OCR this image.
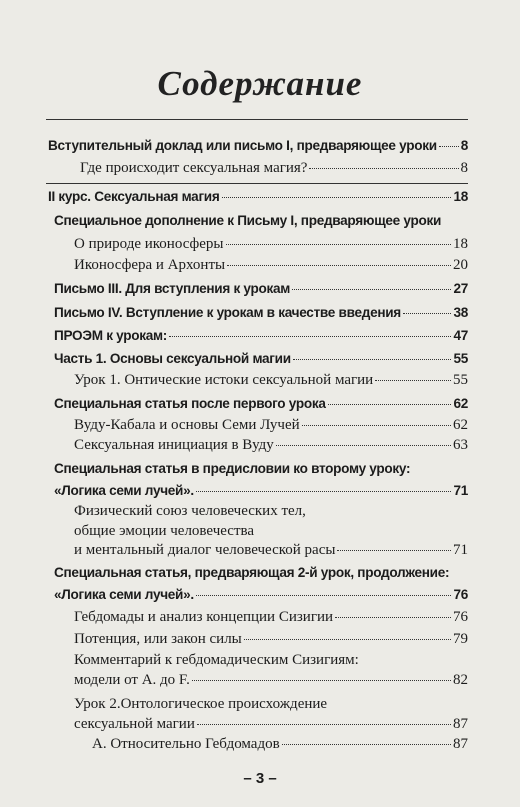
Содержание
Вступительный доклад или письмо I, предваряющее уроки 8
Где происходит сексуальная магия?	8
II курс. Сексуальная магия	18
Специальное дополнение к Письму I, предваряющее уроки
О природе иконосферы	18
Иконосфера и Архонты	20
Письмо III. Для вступления к урокам	27
Письмо IV. Вступление к урокам в качестве введения	38
ПРОЭМ к урокам:	47
Часть 1. Основы сексуальной магии	55
Урок 1. Онтические истоки сексуальной магии	55
Специальная статья после первого урока	62
Вуду-Кабала и основы Семи Лучей	62
Сексуальная инициация в Вуду	63
Специальная статья в предисловии ко второму уроку:
«Логика семи лучей».	71
Физический союз человеческих тел,
общие эмоции человечества
и ментальный диалог человеческой расы	71
Специальная статья, предваряющая 2-й урок, продолжение:
«Логика семи лучей».	76
Гебдомады и анализ концепции Сизигии	76
Потенция, или закон силы	79
Комментарий к гебдомадическим Сизигиям:
модели от А. до F.	82
Урок 2.Онтологическое происхождение
сексуальной магии	87
А. Относительно Гебдомадов	87
– 3 –
